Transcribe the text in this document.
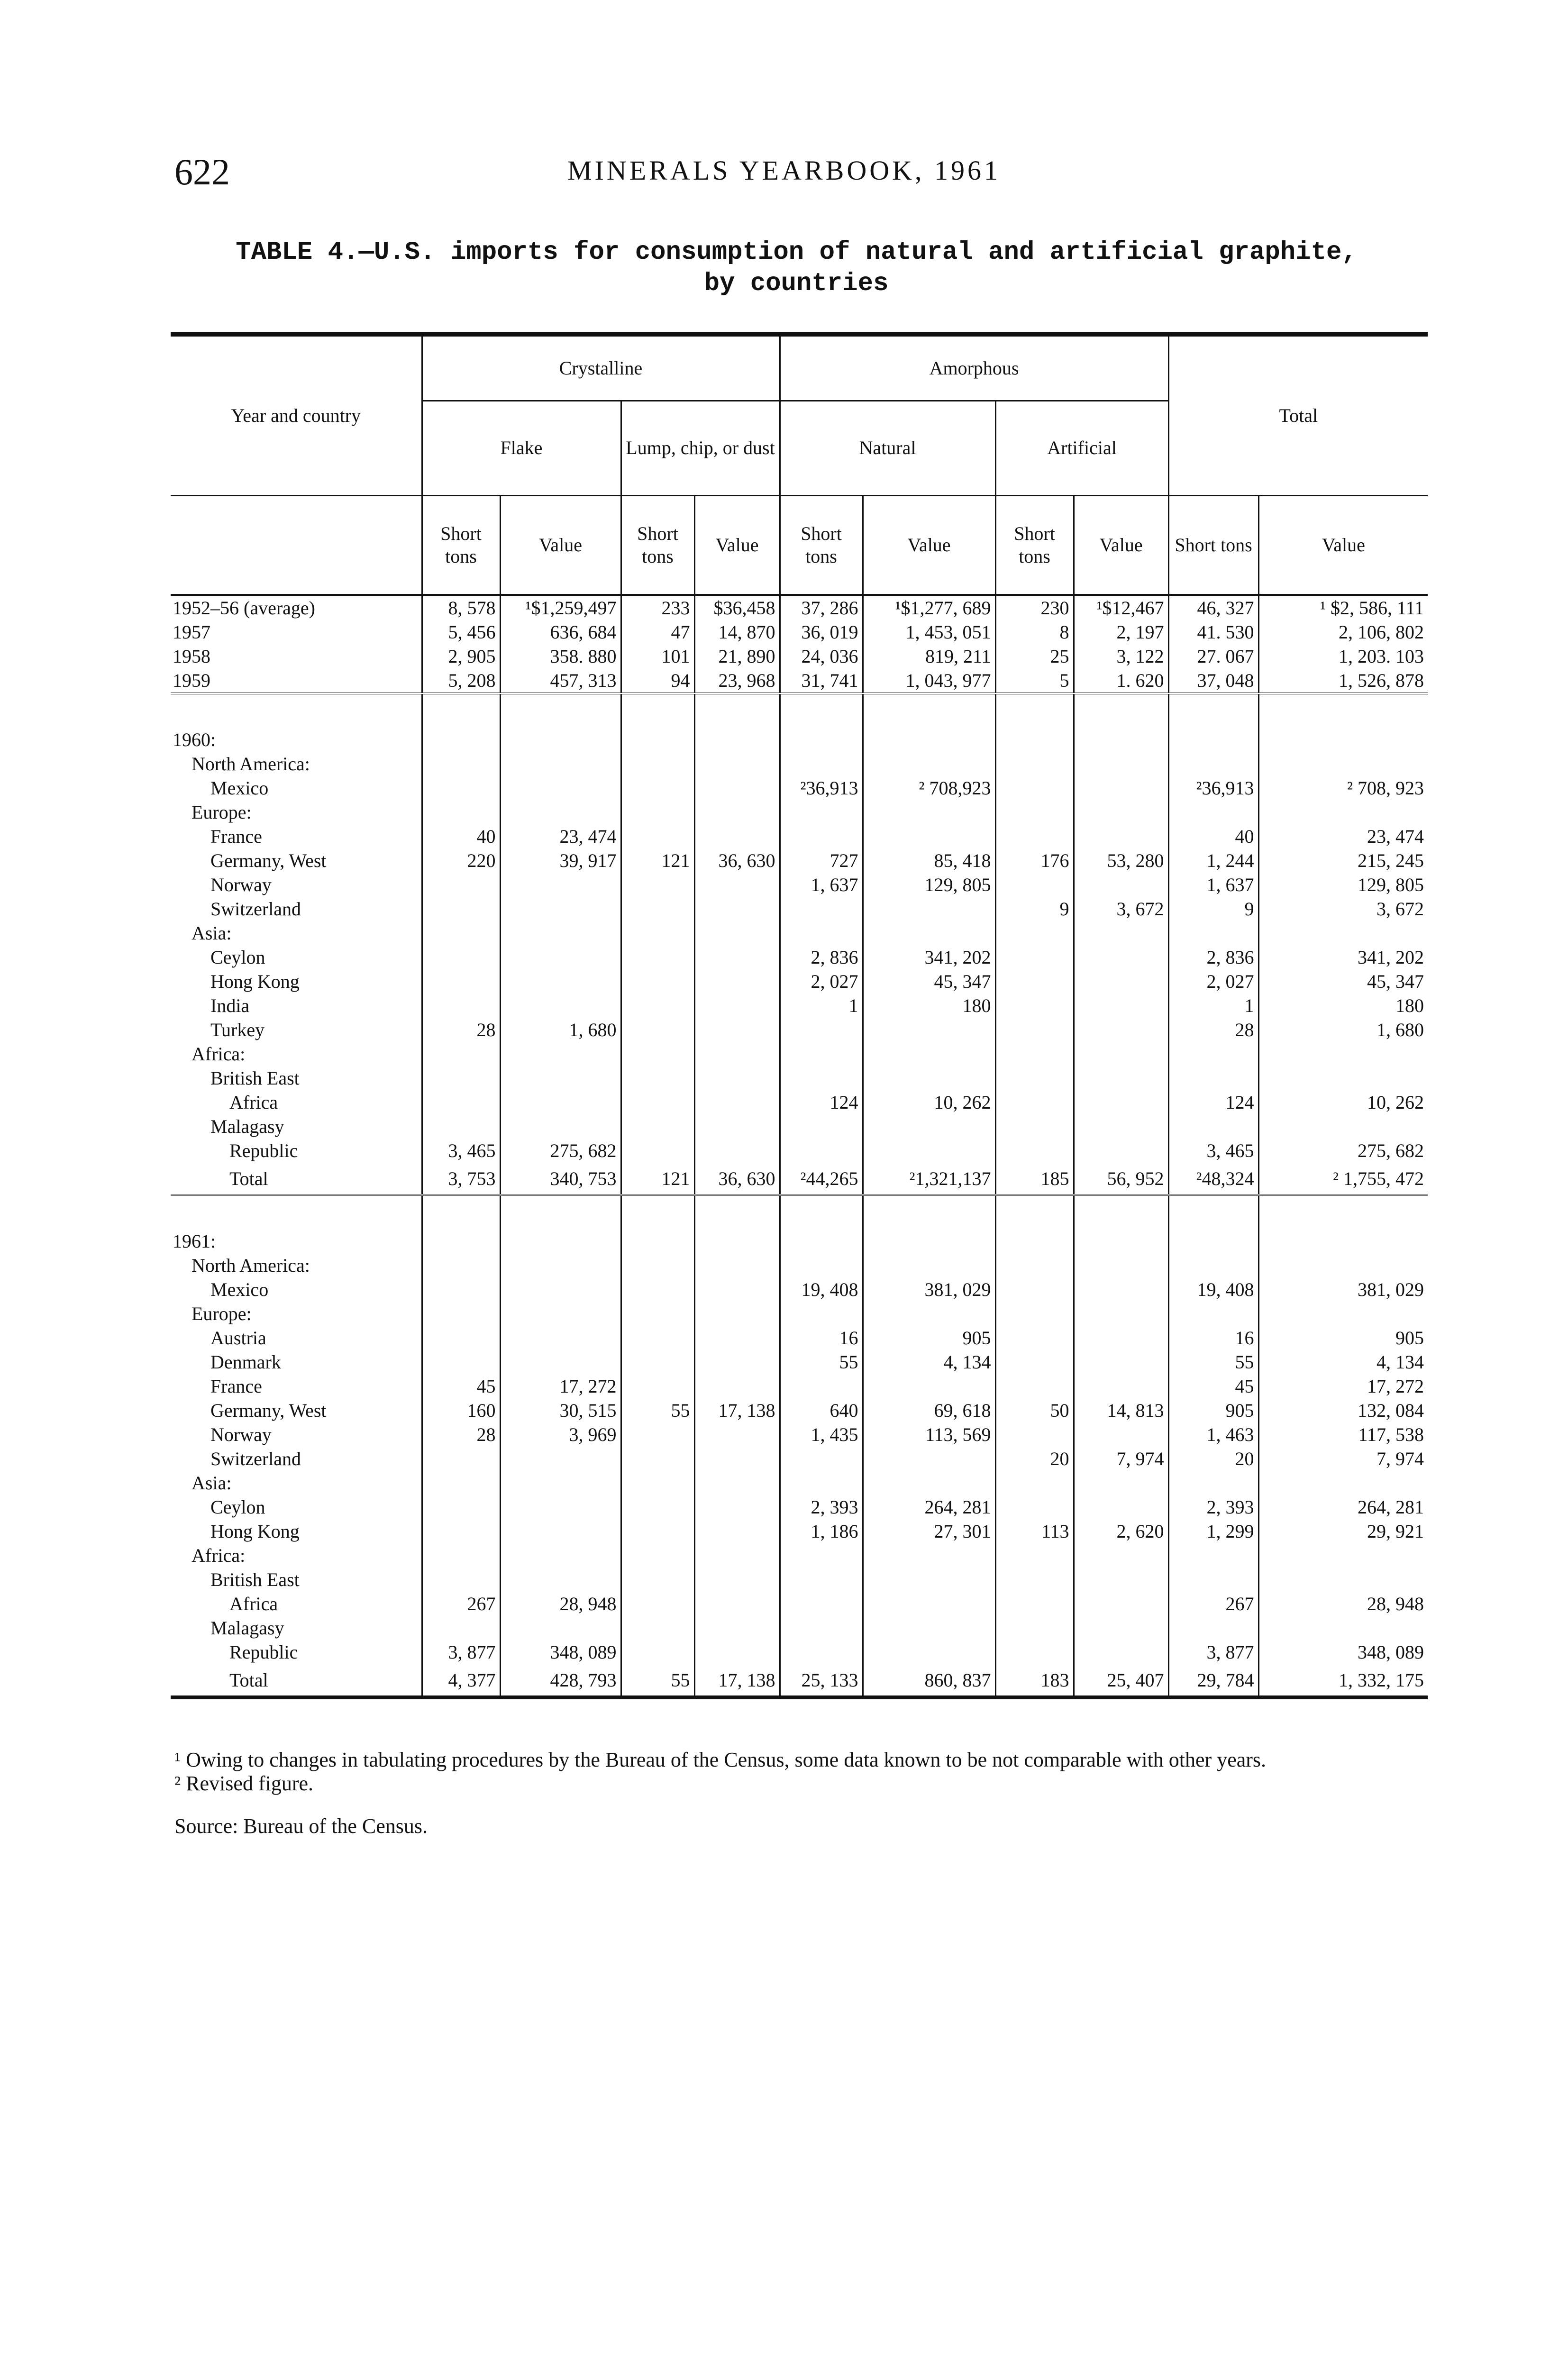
622	MINERALS YEARBOOK, 1961
TABLE 4.—U.S. imports for consumption of natural and artificial graphite,
by countries
Year and country	Crystalline				Amorphous				Total	
	Flake		Lump, chip, or dust		Natural		Artificial			
	Short tons	Value	Short tons	Value	Short tons	Value	Short tons	Value	Short tons	Value
1952–56 (average)	8, 578	¹$1,259,497	233	$36,458	37, 286	¹$1,277, 689	230	¹$12,467	46, 327	¹ $2, 586, 111
1957	5, 456	636, 684	47	14, 870	36, 019	1, 453, 051	8	2, 197	41. 530	2, 106, 802
1958	2, 905	358. 880	101	21, 890	24, 036	819, 211	25	3, 122	27. 067	1, 203. 103
1959	5, 208	457, 313	94	23, 968	31, 741	1, 043, 977	5	1. 620	37, 048	1, 526, 878

1960:										
North America:										
Mexico					²36,913	² 708,923			²36,913	² 708, 923
Europe:										
France	40	23, 474							40	23, 474
Germany, West	220	39, 917	121	36, 630	727	85, 418	176	53, 280	1, 244	215, 245
Norway					1, 637	129, 805			1, 637	129, 805
Switzerland							9	3, 672	9	3, 672
Asia:										
Ceylon					2, 836	341, 202			2, 836	341, 202
Hong Kong					2, 027	45, 347			2, 027	45, 347
India					1	180			1	180
Turkey	28	1, 680							28	1, 680
Africa:										
British East										
Africa					124	10, 262			124	10, 262
Malagasy										
Republic	3, 465	275, 682							3, 465	275, 682
Total	3, 753	340, 753	121	36, 630	²44,265	²1,321,137	185	56, 952	²48,324	² 1,755, 472

1961:										
North America:										
Mexico					19, 408	381, 029			19, 408	381, 029
Europe:										
Austria					16	905			16	905
Denmark					55	4, 134			55	4, 134
France	45	17, 272							45	17, 272
Germany, West	160	30, 515	55	17, 138	640	69, 618	50	14, 813	905	132, 084
Norway	28	3, 969			1, 435	113, 569			1, 463	117, 538
Switzerland							20	7, 974	20	7, 974
Asia:										
Ceylon					2, 393	264, 281			2, 393	264, 281
Hong Kong					1, 186	27, 301	113	2, 620	1, 299	29, 921
Africa:										
British East										
Africa	267	28, 948							267	28, 948
Malagasy										
Republic	3, 877	348, 089							3, 877	348, 089
Total	4, 377	428, 793	55	17, 138	25, 133	860, 837	183	25, 407	29, 784	1, 332, 175

¹ Owing to changes in tabulating procedures by the Bureau of the Census, some data known to be not comparable with other years.

² Revised figure.

Source: Bureau of the Census.
